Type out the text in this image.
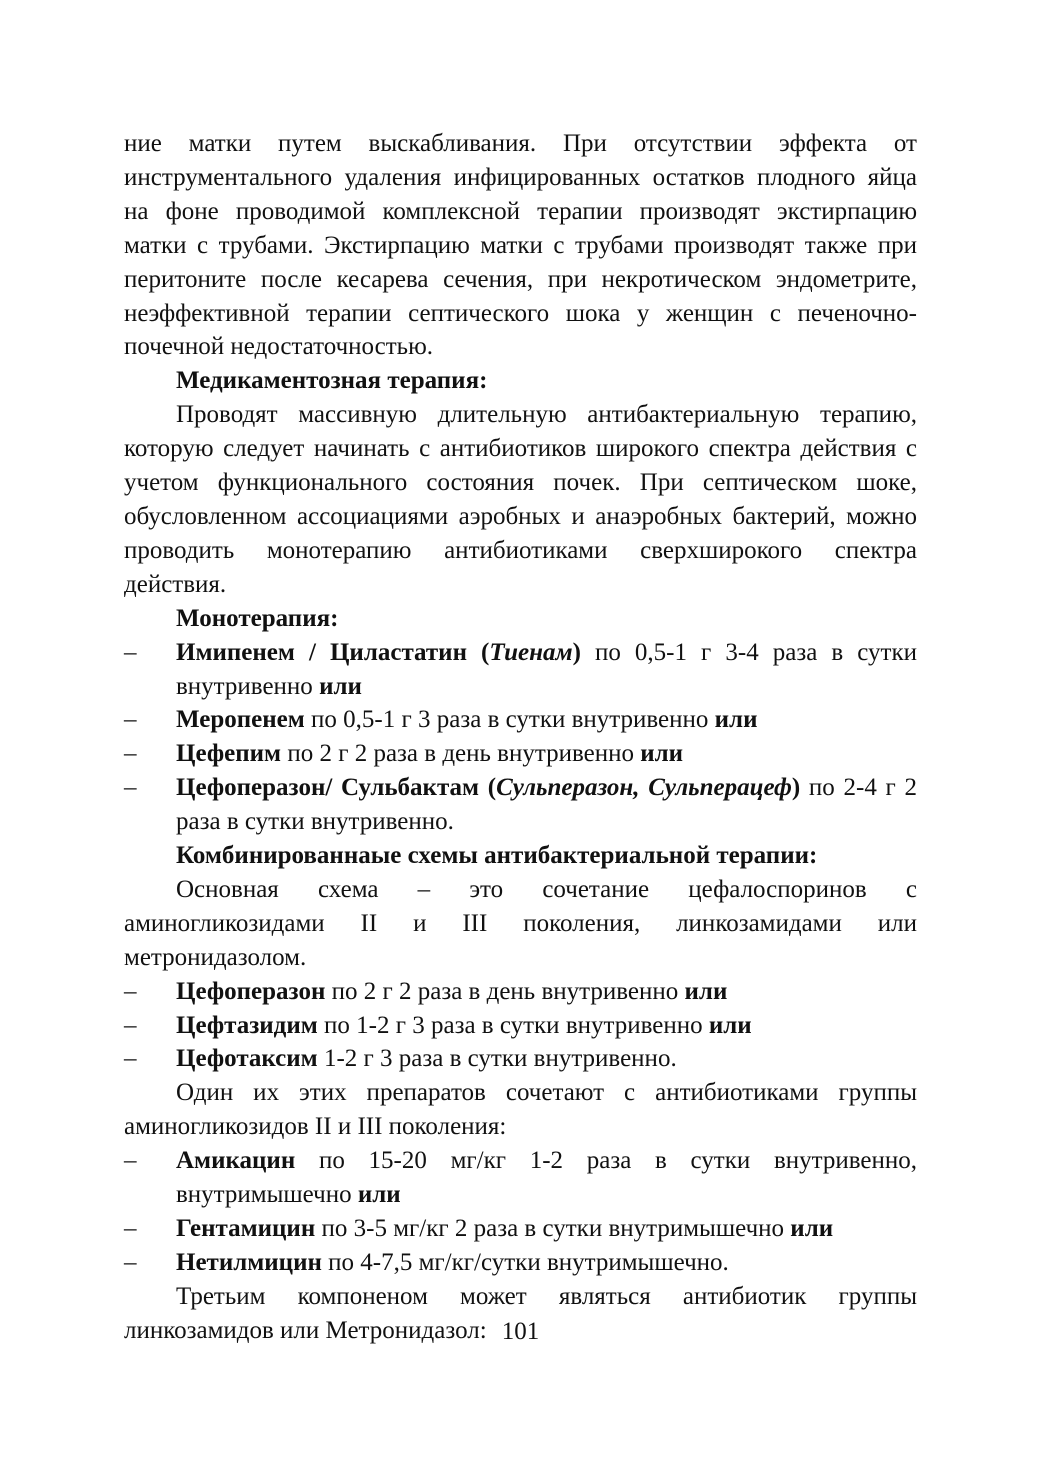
ние матки путем выскабливания. При отсутствии эффекта от инструментального удаления инфицированных остатков плодного яйца на фоне проводимой комплексной терапии производят экстирпацию матки с трубами. Экстирпацию матки с трубами производят также при перитоните после кесарева сечения, при некротическом эндометрите, неэффективной терапии септического шока у женщин с печеночно-почечной недостаточностью.

Медикаментозная терапия:

Проводят массивную длительную антибактериальную терапию, которую следует начинать с антибиотиков широкого спектра действия с учетом функционального состояния почек. При септическом шоке, обусловленном ассоциациями аэробных и анаэробных бактерий, можно проводить монотерапию антибиотиками сверхширокого спектра действия.

Монотерапия:

– Имипенем / Циластатин (Тиенам) по 0,5-1 г 3-4 раза в сутки внутривенно или
– Меропенем по 0,5-1 г 3 раза в сутки внутривенно или
– Цефепим по 2 г 2 раза в день внутривенно или
– Цефоперазон/ Сульбактам (Сульперазон, Сульперацеф) по 2-4 г 2 раза в сутки внутривенно.

Комбинированнаые схемы антибактериальной терапии:

Основная схема – это сочетание цефалоспоринов с аминогликозидами II и III поколения, линкозамидами или метронидазолом.

– Цефоперазон по 2 г 2 раза в день внутривенно или
– Цефтазидим по 1-2 г 3 раза в сутки внутривенно или
– Цефотаксим 1-2 г 3 раза в сутки внутривенно.

Один их этих препаратов сочетают с антибиотиками группы аминогликозидов II и III поколения:

– Амикацин по 15-20 мг/кг 1-2 раза в сутки внутривенно, внутримышечно или
– Гентамицин по 3-5 мг/кг 2 раза в сутки внутримышечно или
– Нетилмицин по 4-7,5 мг/кг/сутки внутримышечно.

Третьим компоненом может являться антибиотик группы линкозамидов или Метронидазол: 101
